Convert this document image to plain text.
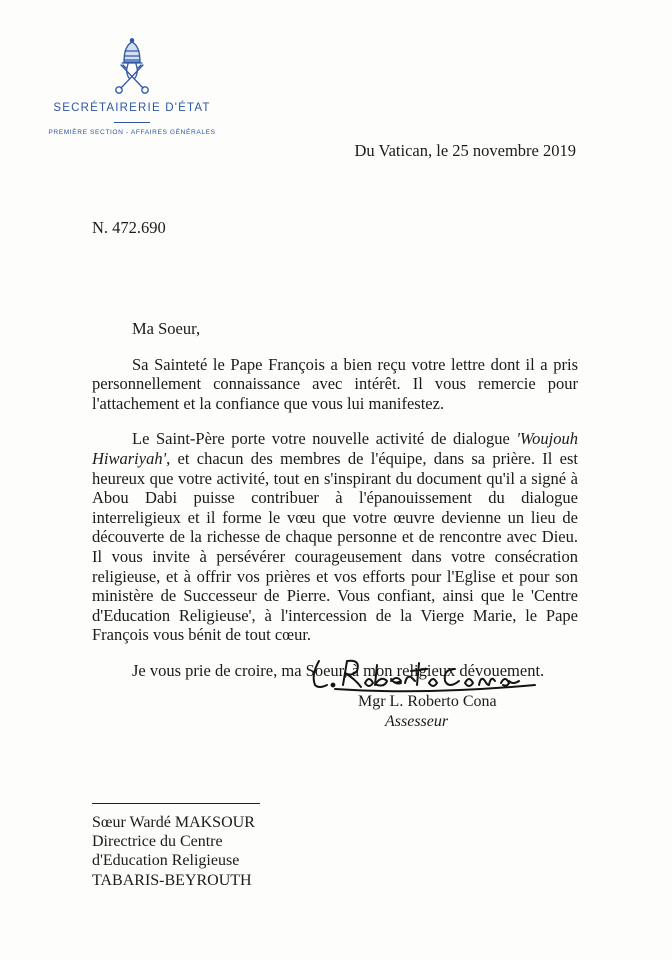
SECRÉTAIRERIE D'ÉTAT
PREMIÈRE SECTION - AFFAIRES GÉNÉRALES
Du Vatican, le 25 novembre 2019
N. 472.690

Ma Soeur,

Sa Sainteté le Pape François a bien reçu votre lettre dont il a pris personnellement connaissance avec intérêt. Il vous remercie pour l'attachement et la confiance que vous lui manifestez.

Le Saint-Père porte votre nouvelle activité de dialogue 'Woujouh Hiwariyah', et chacun des membres de l'équipe, dans sa prière. Il est heureux que votre activité, tout en s'inspirant du document qu'il a signé à Abou Dabi puisse contribuer à l'épanouissement du dialogue interreligieux et il forme le vœu que votre œuvre devienne un lieu de découverte de la richesse de chaque personne et de rencontre avec Dieu. Il vous invite à persévérer courageusement dans votre consécration religieuse, et à offrir vos prières et vos efforts pour l'Eglise et pour son ministère de Successeur de Pierre. Vous confiant, ainsi que le 'Centre d'Education Religieuse', à l'intercession de la Vierge Marie, le Pape François vous bénit de tout cœur.

Je vous prie de croire, ma Soeur, à mon religieux dévouement.

Mgr L. Roberto Cona
Assesseur
Sœur Wardé MAKSOUR
Directrice du Centre
d'Education Religieuse
TABARIS-BEYROUTH
